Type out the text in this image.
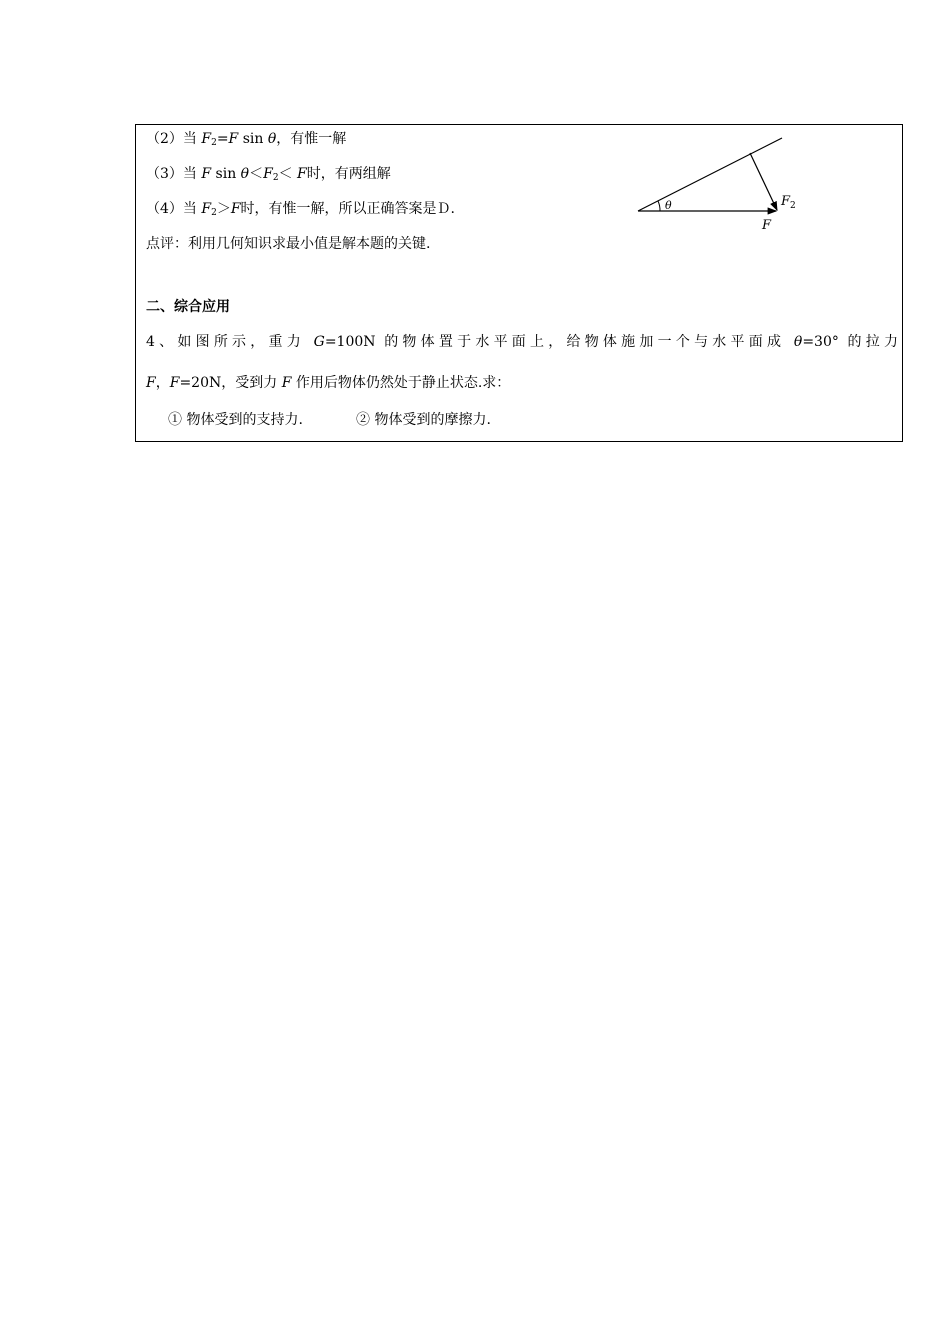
（2）当 $F_2=F$ sin θ，有惟一解
（3）当 F $\sin \theta<F_2< F$时，有两组解
（4）当 $F_2>F$时，有惟一解，所以正确答案是Ｄ.
点评：利用几何知识求最小值是解本题的关键.
θ	$F_2$
F
二、综合应用
4、如图所示，重力 G=100N 的物体置于水平面上，给物体施加一个与水平面成 θ=30° 的拉力
F，F=20N，受到力 F 作用后物体仍然处于静止状态.求：
① 物体受到的支持力.	② 物体受到的摩擦力.
